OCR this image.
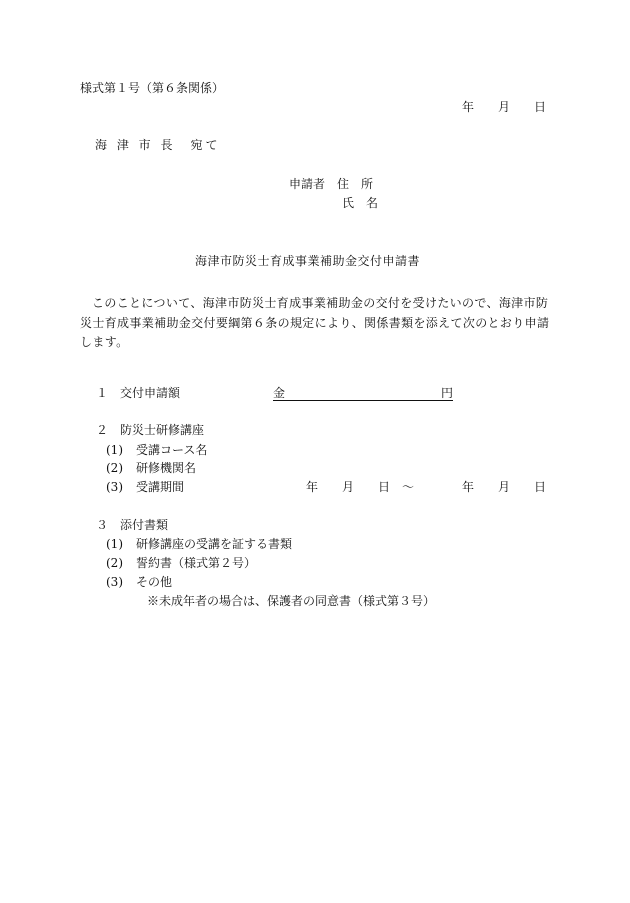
様式第１号（第６条関係）
年　　月　　日
海 津 市 長　宛て
申請者　住　所
氏　名
海津市防災士育成事業補助金交付申請書
このことについて、海津市防災士育成事業補助金の交付を受けたいので、海津市防災士育成事業補助金交付要綱第６条の規定により、関係書類を添えて次のとおり申請します。
１ 交付申請額	金	円
２ 防災士研修講座
(1) 受講コース名
(2) 研修機関名
(3) 受講期間	年　　月　　日　～　　　　年　　月　　日
３ 添付書類
(1) 研修講座の受講を証する書類
(2) 誓約書（様式第２号）
(3) その他
※未成年者の場合は、保護者の同意書（様式第３号）
